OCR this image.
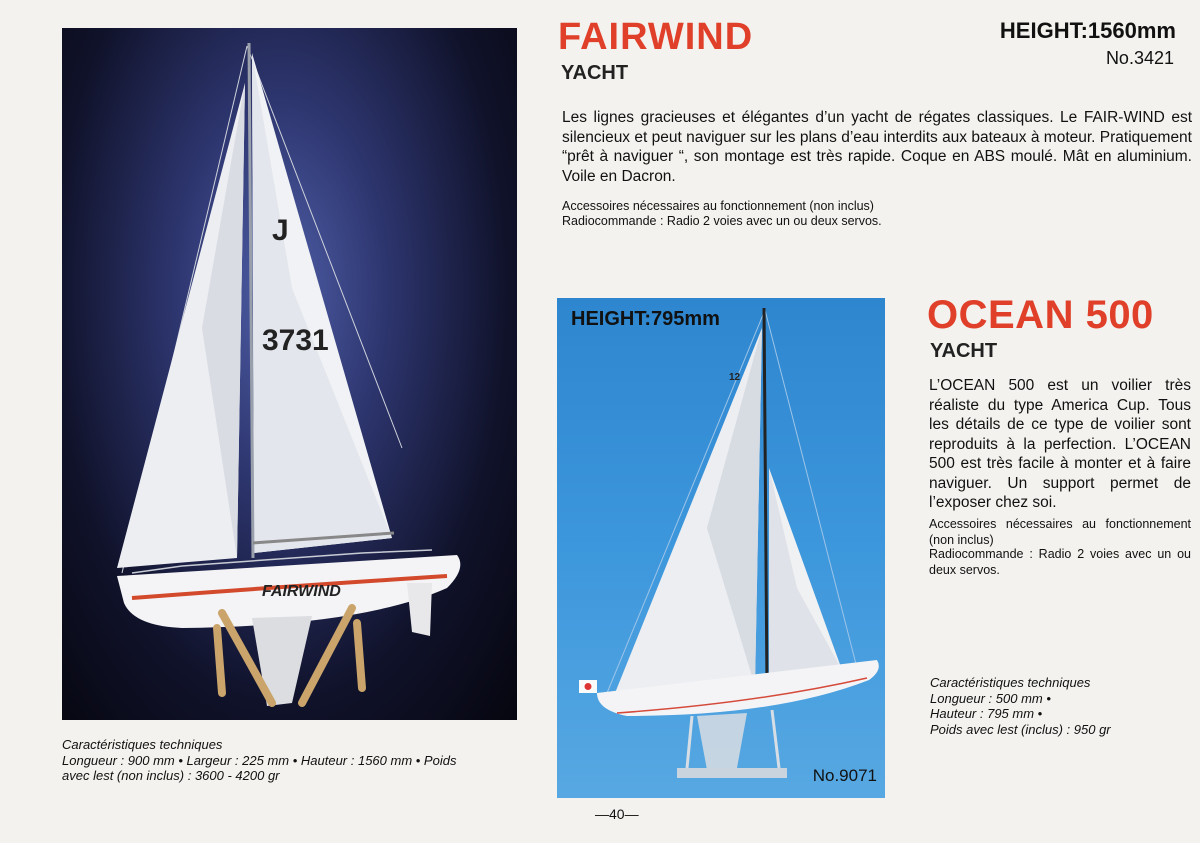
J
3731
FAIRWIND
FAIRWIND
YACHT
HEIGHT:1560mm
No.3421
Les lignes gracieuses et élégantes d’un yacht de régates classiques. Le FAIR-WIND est silencieux et peut naviguer sur les plans d’eau interdits aux bateaux à moteur. Pratiquement “prêt à naviguer “, son montage est très rapide. Coque en ABS moulé. Mât en aluminium. Voile en Dacron.
Accessoires nécessaires au fonctionnement (non inclus)
Radiocommande : Radio 2 voies avec un ou deux servos.
Caractéristiques techniques
Longueur : 900 mm • Largeur : 225 mm • Hauteur : 1560 mm • Poids
avec lest (non inclus) : 3600 - 4200 gr
12
HEIGHT:795mm
No.9071
OCEAN 500
YACHT
L’OCEAN 500 est un voilier très réaliste du type America Cup. Tous les détails de ce type de voilier sont reproduits à la perfection. L’OCEAN 500 est très facile à monter et à faire naviguer. Un support permet de l’exposer chez soi.
Accessoires nécessaires au fonctionnement (non inclus)
Radiocommande : Radio 2 voies avec un ou deux servos.
Caractéristiques techniques
Longueur : 500 mm •
Hauteur : 795 mm •
Poids avec lest (inclus) : 950 gr
—40—
